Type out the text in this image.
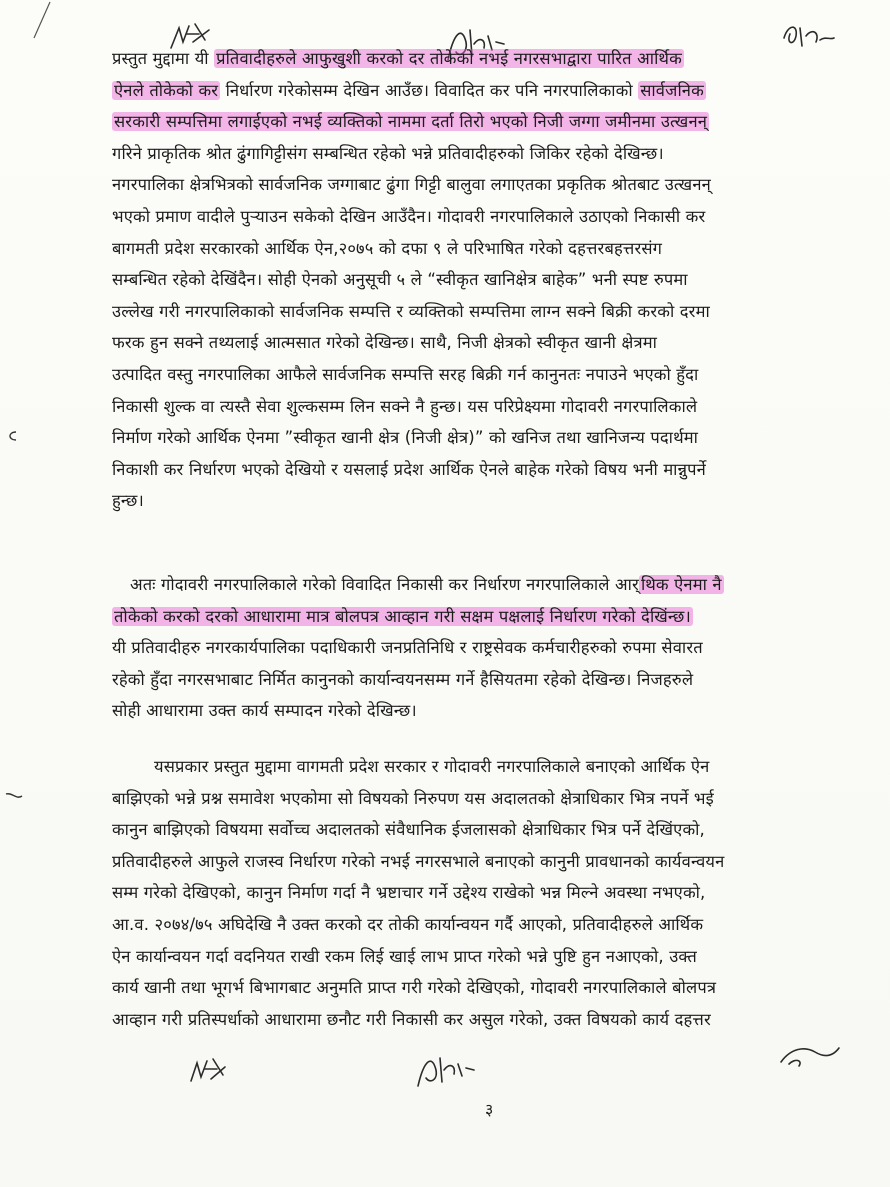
प्रस्तुत मुद्दामा यी प्रतिवादीहरुले आफुखुशी करको दर तोकेको नभई नगरसभाद्वारा पारित आर्थिक
ऐनले तोकेको कर निर्धारण गरेकोसम्म देखिन आउँछ। विवादित कर पनि नगरपालिकाको सार्वजनिक
सरकारी सम्पत्तिमा लगाईएको नभई व्यक्तिको नाममा दर्ता तिरो भएको निजी जग्गा जमीनमा उत्खनन्
गरिने प्राकृतिक श्रोत ढुंगागिट्टीसंग सम्बन्धित रहेको भन्ने प्रतिवादीहरुको जिकिर रहेको देखिन्छ।
नगरपालिका क्षेत्रभित्रको सार्वजनिक जग्गाबाट ढुंगा गिट्टी बालुवा लगाएतका प्रकृतिक श्रोतबाट उत्खनन्
भएको प्रमाण वादीले पुऱ्याउन सकेको देखिन आउँदैन। गोदावरी नगरपालिकाले उठाएको निकासी कर
बागमती प्रदेश सरकारको आर्थिक ऐन,२०७५ को दफा ९ ले परिभाषित गरेको दहत्तरबहत्तरसंग
सम्बन्धित रहेको देखिंदैन। सोही ऐनको अनुसूची ५ ले “स्वीकृत खानिक्षेत्र बाहेक” भनी स्पष्ट रुपमा
उल्लेख गरी नगरपालिकाको सार्वजनिक सम्पत्ति र व्यक्तिको सम्पत्तिमा लाग्न सक्ने बिक्री करको दरमा
फरक हुन सक्ने तथ्यलाई आत्मसात गरेको देखिन्छ। साथै, निजी क्षेत्रको स्वीकृत खानी क्षेत्रमा
उत्पादित वस्तु नगरपालिका आफैले सार्वजनिक सम्पत्ति सरह बिक्री गर्न कानुनतः नपाउने भएको हुँदा
निकासी शुल्क वा त्यस्तै सेवा शुल्कसम्म लिन सक्ने नै हुन्छ। यस परिप्रेक्ष्यमा गोदावरी नगरपालिकाले
निर्माण गरेको आर्थिक ऐनमा ”स्वीकृत खानी क्षेत्र (निजी क्षेत्र)” को खनिज तथा खानिजन्य पदार्थमा
निकाशी कर निर्धारण भएको देखियो र यसलाई प्रदेश आर्थिक ऐनले बाहेक गरेको विषय भनी मान्नुपर्ने
हुन्छ।
अतः गोदावरी नगरपालिकाले गरेको विवादित निकासी कर निर्धारण नगरपालिकाले आर् थिक ऐनमा नै
तोकेको करको दरको आधारामा मात्र बोलपत्र आव्हान गरी सक्षम पक्षलाई निर्धारण गरेको देखिंन्छ।
यी प्रतिवादीहरु नगरकार्यपालिका पदाधिकारी जनप्रतिनिधि र राष्ट्रसेवक कर्मचारीहरुको रुपमा सेवारत
रहेको हुँदा नगरसभाबाट निर्मित कानुनको कार्यान्वयनसम्म गर्ने हैसियतमा रहेको देखिन्छ। निजहरुले
सोही आधारामा उक्त कार्य सम्पादन गरेको देखिन्छ।
यसप्रकार प्रस्तुत मुद्दामा वागमती प्रदेश सरकार र गोदावरी नगरपालिकाले बनाएको आर्थिक ऐन
बाझिएको भन्ने प्रश्न समावेश भएकोमा सो विषयको निरुपण यस अदालतको क्षेत्राधिकार भित्र नपर्ने भई
कानुन बाझिएको विषयमा सर्वोच्च अदालतको संवैधानिक ईजलासको क्षेत्राधिकार भित्र पर्ने देखिंएको,
प्रतिवादीहरुले आफुले राजस्व निर्धारण गरेको नभई नगरसभाले बनाएको कानुनी प्रावधानको कार्यवन्वयन
सम्म गरेको देखिएको, कानुन निर्माण गर्दा नै भ्रष्टाचार गर्ने उद्देश्य राखेको भन्न मिल्ने अवस्था नभएको,
आ.व. २०७४/७५ अघिदेखि नै उक्त करको दर तोकी कार्यान्वयन गर्दै आएको, प्रतिवादीहरुले आर्थिक
ऐन कार्यान्वयन गर्दा वदनियत राखी रकम लिई खाई लाभ प्राप्त गरेको भन्ने पुष्टि हुन नआएको, उक्त
कार्य खानी तथा भूगर्भ बिभागबाट अनुमति प्राप्त गरी गरेको देखिएको, गोदावरी नगरपालिकाले बोलपत्र
आव्हान गरी प्रतिस्पर्धाको आधारामा छनौट गरी निकासी कर असुल गरेको, उक्त विषयको कार्य दहत्तर
३
